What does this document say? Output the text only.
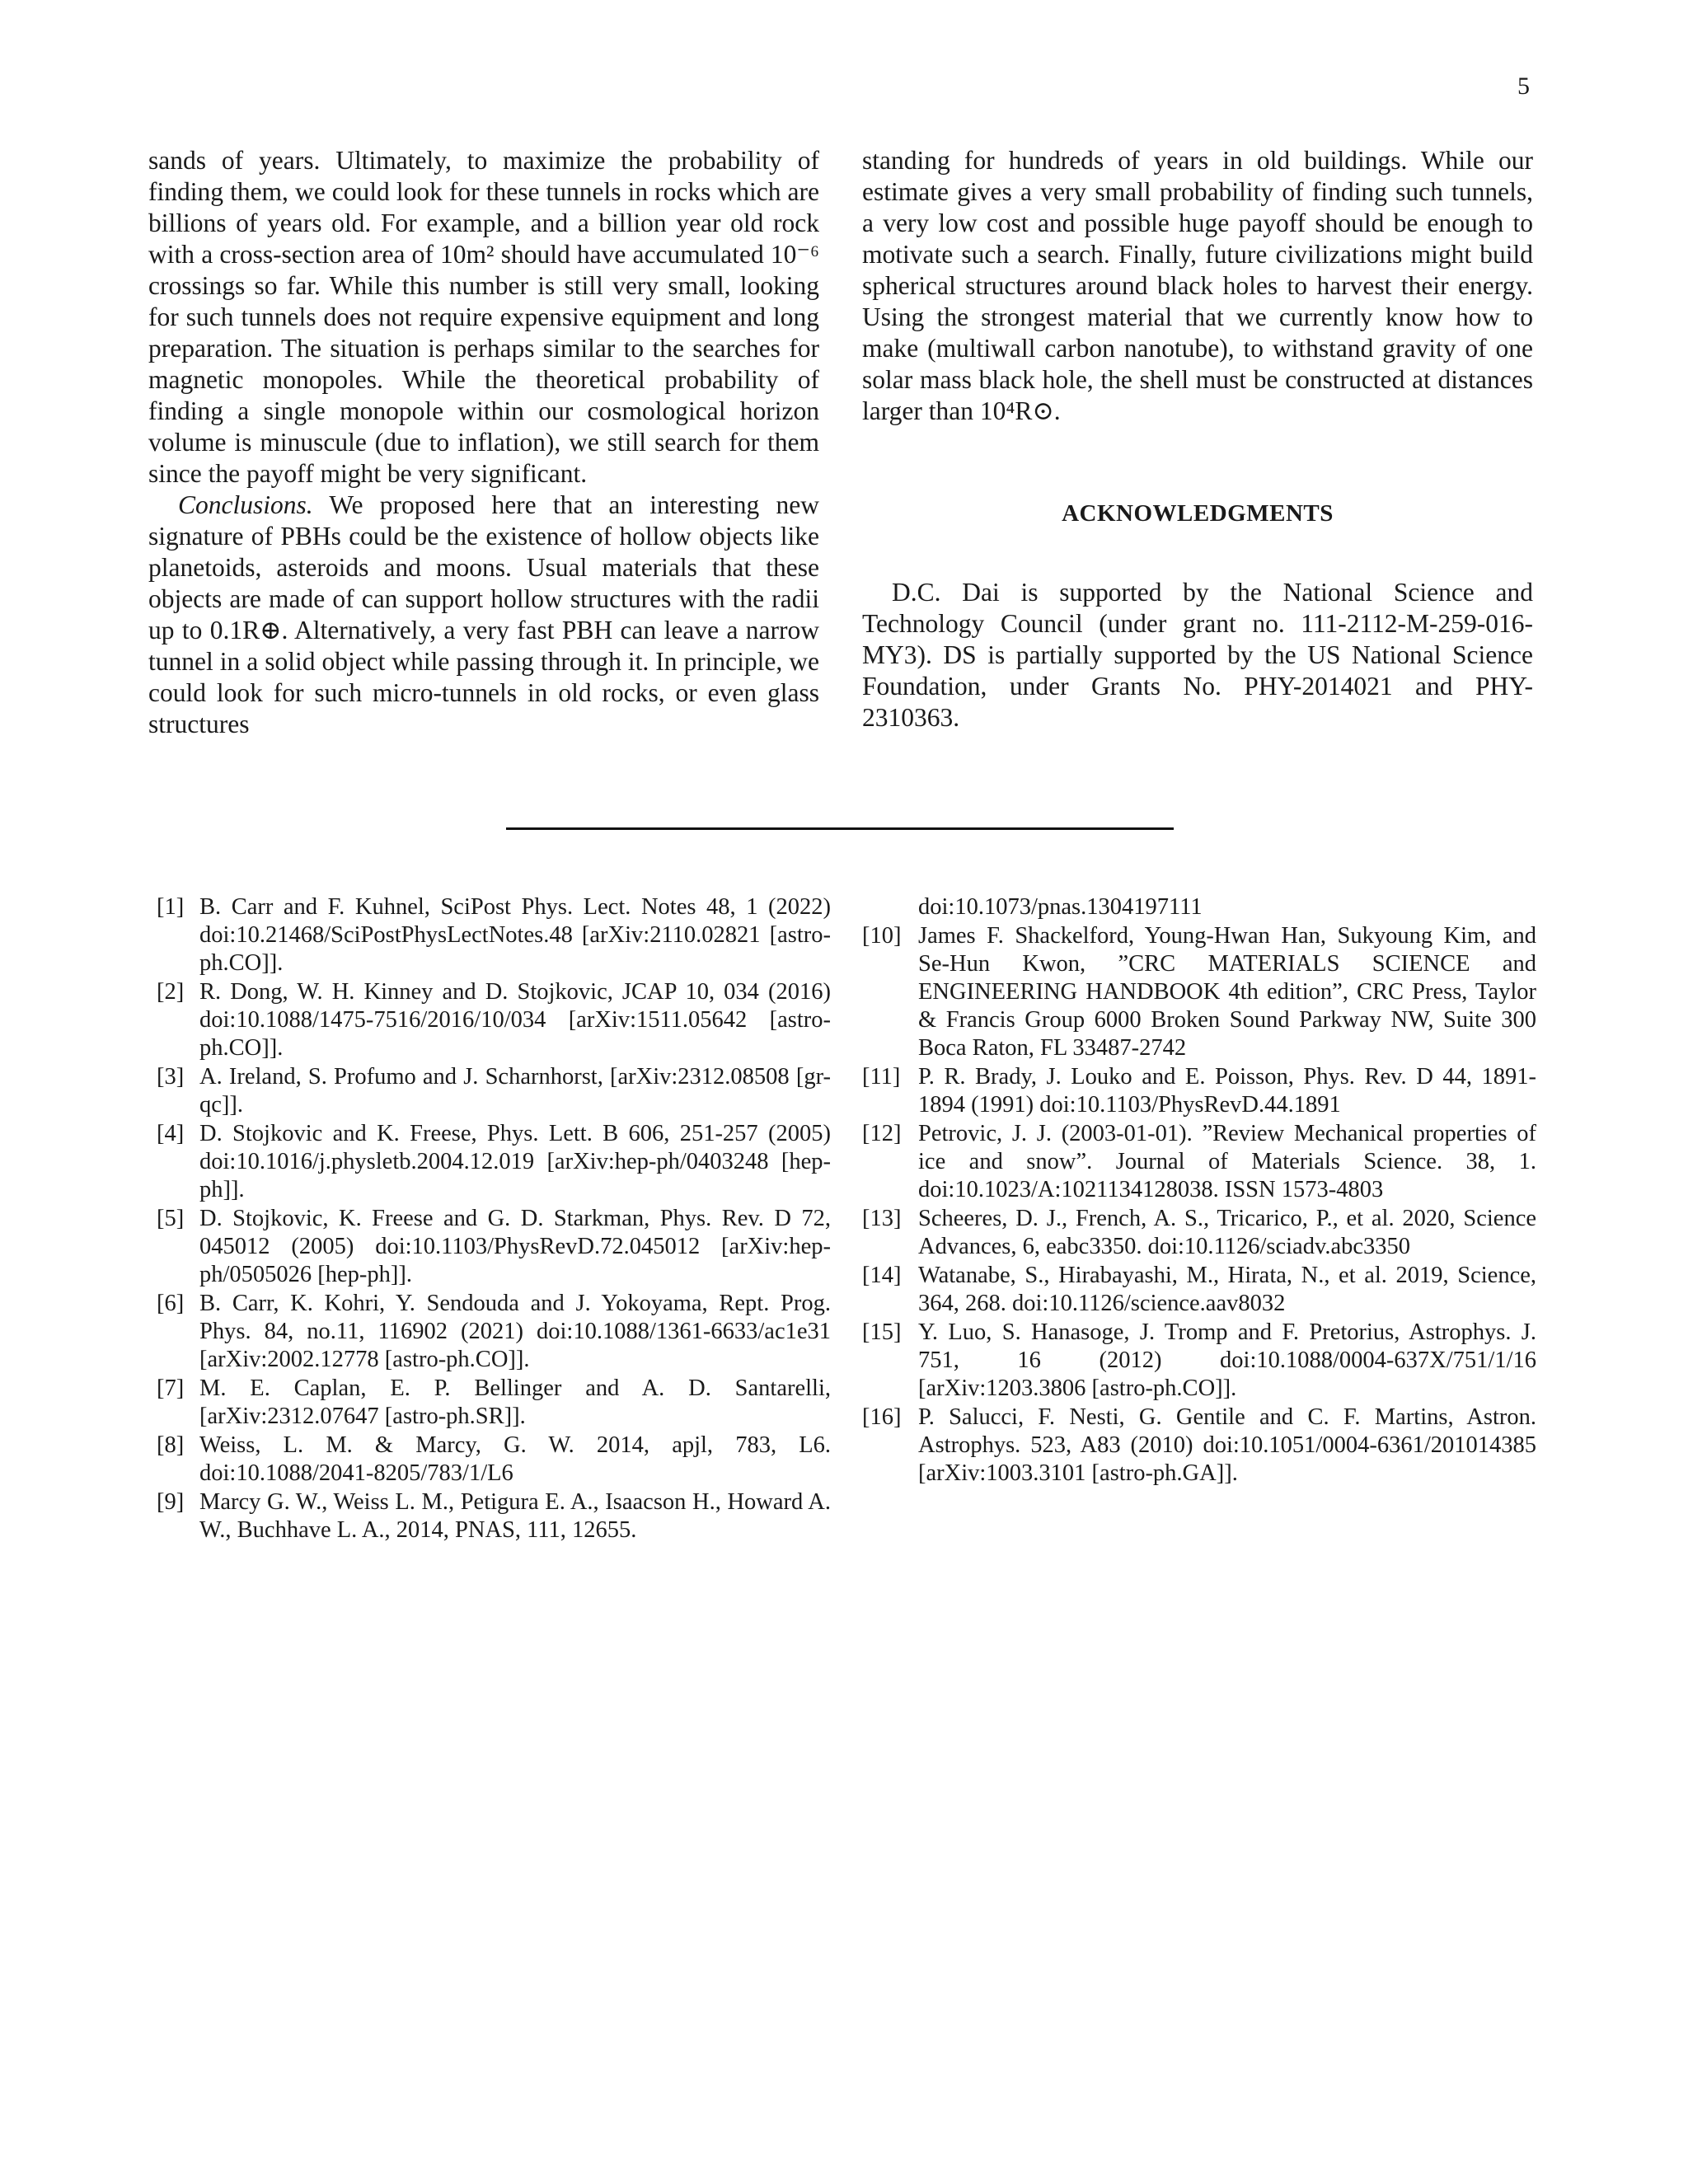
5

sands of years. Ultimately, to maximize the probability of finding them, we could look for these tunnels in rocks which are billions of years old. For example, and a billion year old rock with a cross-section area of 10m² should have accumulated 10⁻⁶ crossings so far. While this number is still very small, looking for such tunnels does not require expensive equipment and long preparation. The situation is perhaps similar to the searches for magnetic monopoles. While the theoretical probability of finding a single monopole within our cosmological horizon volume is minuscule (due to inflation), we still search for them since the payoff might be very significant.

Conclusions. We proposed here that an interesting new signature of PBHs could be the existence of hollow objects like planetoids, asteroids and moons. Usual materials that these objects are made of can support hollow structures with the radii up to 0.1R⊕. Alternatively, a very fast PBH can leave a narrow tunnel in a solid object while passing through it. In principle, we could look for such micro-tunnels in old rocks, or even glass structures

standing for hundreds of years in old buildings. While our estimate gives a very small probability of finding such tunnels, a very low cost and possible huge payoff should be enough to motivate such a search. Finally, future civilizations might build spherical structures around black holes to harvest their energy. Using the strongest material that we currently know how to make (multiwall carbon nanotube), to withstand gravity of one solar mass black hole, the shell must be constructed at distances larger than 10⁴R⊙.

ACKNOWLEDGMENTS

D.C. Dai is supported by the National Science and Technology Council (under grant no. 111-2112-M-259-016-MY3). DS is partially supported by the US National Science Foundation, under Grants No. PHY-2014021 and PHY-2310363.

[1] B. Carr and F. Kuhnel, SciPost Phys. Lect. Notes 48, 1 (2022) doi:10.21468/SciPostPhysLectNotes.48 [arXiv:2110.02821 [astro-ph.CO]].
[2] R. Dong, W. H. Kinney and D. Stojkovic, JCAP 10, 034 (2016) doi:10.1088/1475-7516/2016/10/034 [arXiv:1511.05642 [astro-ph.CO]].
[3] A. Ireland, S. Profumo and J. Scharnhorst, [arXiv:2312.08508 [gr-qc]].
[4] D. Stojkovic and K. Freese, Phys. Lett. B 606, 251-257 (2005) doi:10.1016/j.physletb.2004.12.019 [arXiv:hep-ph/0403248 [hep-ph]].
[5] D. Stojkovic, K. Freese and G. D. Starkman, Phys. Rev. D 72, 045012 (2005) doi:10.1103/PhysRevD.72.045012 [arXiv:hep-ph/0505026 [hep-ph]].
[6] B. Carr, K. Kohri, Y. Sendouda and J. Yokoyama, Rept. Prog. Phys. 84, no.11, 116902 (2021) doi:10.1088/1361-6633/ac1e31 [arXiv:2002.12778 [astro-ph.CO]].
[7] M. E. Caplan, E. P. Bellinger and A. D. Santarelli, [arXiv:2312.07647 [astro-ph.SR]].
[8] Weiss, L. M. & Marcy, G. W. 2014, apjl, 783, L6. doi:10.1088/2041-8205/783/1/L6
[9] Marcy G. W., Weiss L. M., Petigura E. A., Isaacson H., Howard A. W., Buchhave L. A., 2014, PNAS, 111, 12655.
doi:10.1073/pnas.1304197111
[10] James F. Shackelford, Young-Hwan Han, Sukyoung Kim, and Se-Hun Kwon, ”CRC MATERIALS SCIENCE and ENGINEERING HANDBOOK 4th edition”, CRC Press, Taylor & Francis Group 6000 Broken Sound Parkway NW, Suite 300 Boca Raton, FL 33487-2742
[11] P. R. Brady, J. Louko and E. Poisson, Phys. Rev. D 44, 1891-1894 (1991) doi:10.1103/PhysRevD.44.1891
[12] Petrovic, J. J. (2003-01-01). ”Review Mechanical properties of ice and snow”. Journal of Materials Science. 38, 1. doi:10.1023/A:1021134128038. ISSN 1573-4803
[13] Scheeres, D. J., French, A. S., Tricarico, P., et al. 2020, Science Advances, 6, eabc3350. doi:10.1126/sciadv.abc3350
[14] Watanabe, S., Hirabayashi, M., Hirata, N., et al. 2019, Science, 364, 268. doi:10.1126/science.aav8032
[15] Y. Luo, S. Hanasoge, J. Tromp and F. Pretorius, Astrophys. J. 751, 16 (2012) doi:10.1088/0004-637X/751/1/16 [arXiv:1203.3806 [astro-ph.CO]].
[16] P. Salucci, F. Nesti, G. Gentile and C. F. Martins, Astron. Astrophys. 523, A83 (2010) doi:10.1051/0004-6361/201014385 [arXiv:1003.3101 [astro-ph.GA]].
